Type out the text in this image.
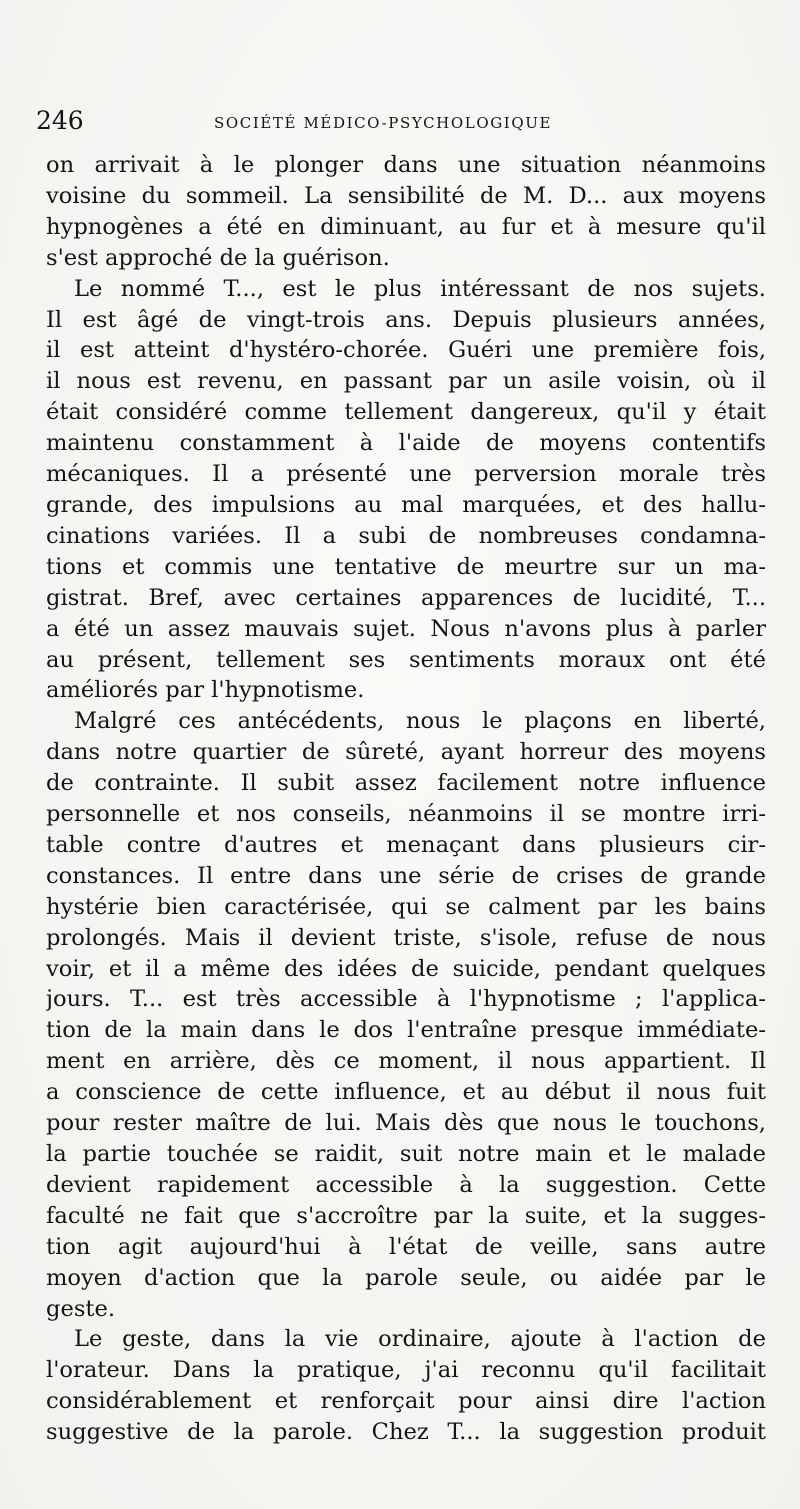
246	SOCIÉTÉ MÉDICO-PSYCHOLOGIQUE
on arrivait à le plonger dans une situation néanmoins
voisine du sommeil. La sensibilité de M. D... aux moyens
hypnogènes a été en diminuant, au fur et à mesure qu'il
s'est approché de la guérison.
Le nommé T..., est le plus intéressant de nos sujets.
Il est âgé de vingt-trois ans. Depuis plusieurs années,
il est atteint d'hystéro-chorée. Guéri une première fois,
il nous est revenu, en passant par un asile voisin, où il
était considéré comme tellement dangereux, qu'il y était
maintenu constamment à l'aide de moyens contentifs
mécaniques. Il a présenté une perversion morale très
grande, des impulsions au mal marquées, et des hallu-
cinations variées. Il a subi de nombreuses condamna-
tions et commis une tentative de meurtre sur un ma-
gistrat. Bref, avec certaines apparences de lucidité, T...
a été un assez mauvais sujet. Nous n'avons plus à parler
au présent, tellement ses sentiments moraux ont été
améliorés par l'hypnotisme.
Malgré ces antécédents, nous le plaçons en liberté,
dans notre quartier de sûreté, ayant horreur des moyens
de contrainte. Il subit assez facilement notre influence
personnelle et nos conseils, néanmoins il se montre irri-
table contre d'autres et menaçant dans plusieurs cir-
constances. Il entre dans une série de crises de grande
hystérie bien caractérisée, qui se calment par les bains
prolongés. Mais il devient triste, s'isole, refuse de nous
voir, et il a même des idées de suicide, pendant quelques
jours. T... est très accessible à l'hypnotisme ; l'applica-
tion de la main dans le dos l'entraîne presque immédiate-
ment en arrière, dès ce moment, il nous appartient. Il
a conscience de cette influence, et au début il nous fuit
pour rester maître de lui. Mais dès que nous le touchons,
la partie touchée se raidit, suit notre main et le malade
devient rapidement accessible à la suggestion. Cette
faculté ne fait que s'accroître par la suite, et la sugges-
tion agit aujourd'hui à l'état de veille, sans autre
moyen d'action que la parole seule, ou aidée par le
geste.
Le geste, dans la vie ordinaire, ajoute à l'action de
l'orateur. Dans la pratique, j'ai reconnu qu'il facilitait
considérablement et renforçait pour ainsi dire l'action
suggestive de la parole. Chez T... la suggestion produit
